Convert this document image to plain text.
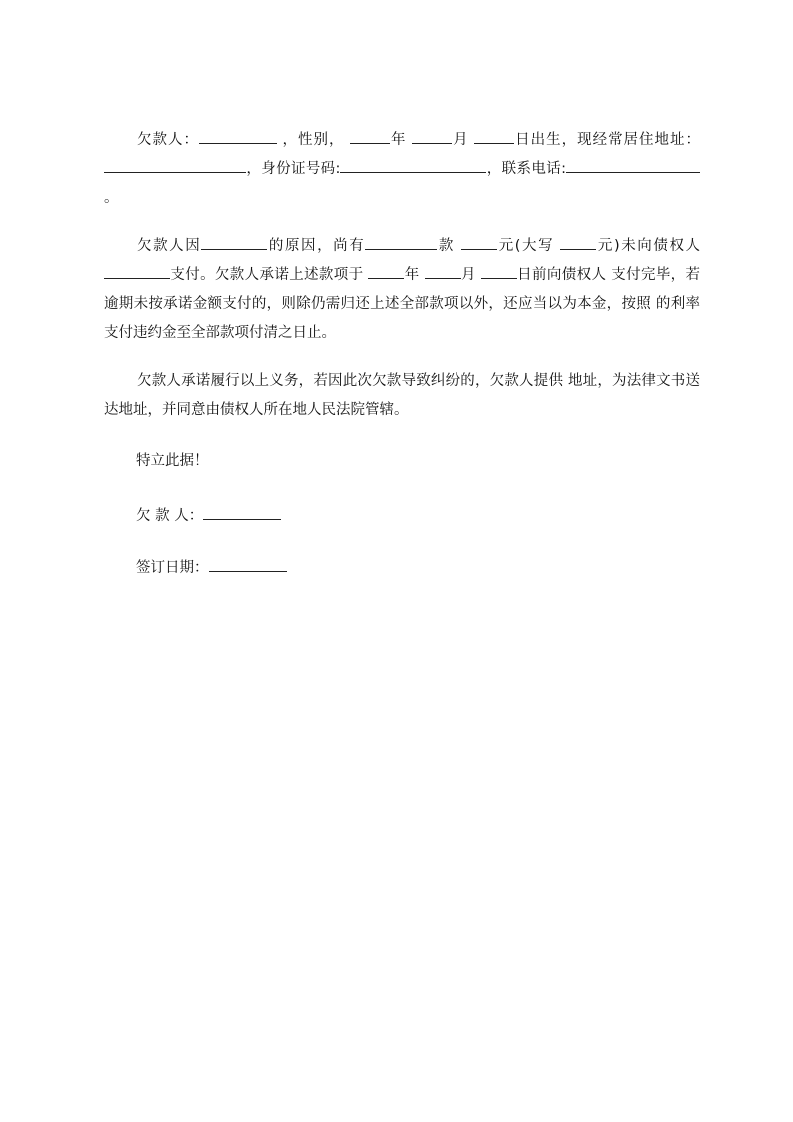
欠款人：	，性别，	年	月	日出生，现经常居住地址： ，身份证号码:	，联系电话:。

欠款人因	的原因，尚有	款	元(大写	元)未向债权人支付。欠款人承诺上述款项于	年	月	日前向债权人 支付完毕，若逾期未按承诺金额支付的，则除仍需归还上述全部款项以外，还应当以为本金，按照 的利率支付违约金至全部款项付清之日止。

欠款人承诺履行以上义务，若因此次欠款导致纠纷的，欠款人提供 地址，为法律文书送达地址，并同意由债权人所在地人民法院管辖。

特立此据！

欠 款 人：

签订日期：
